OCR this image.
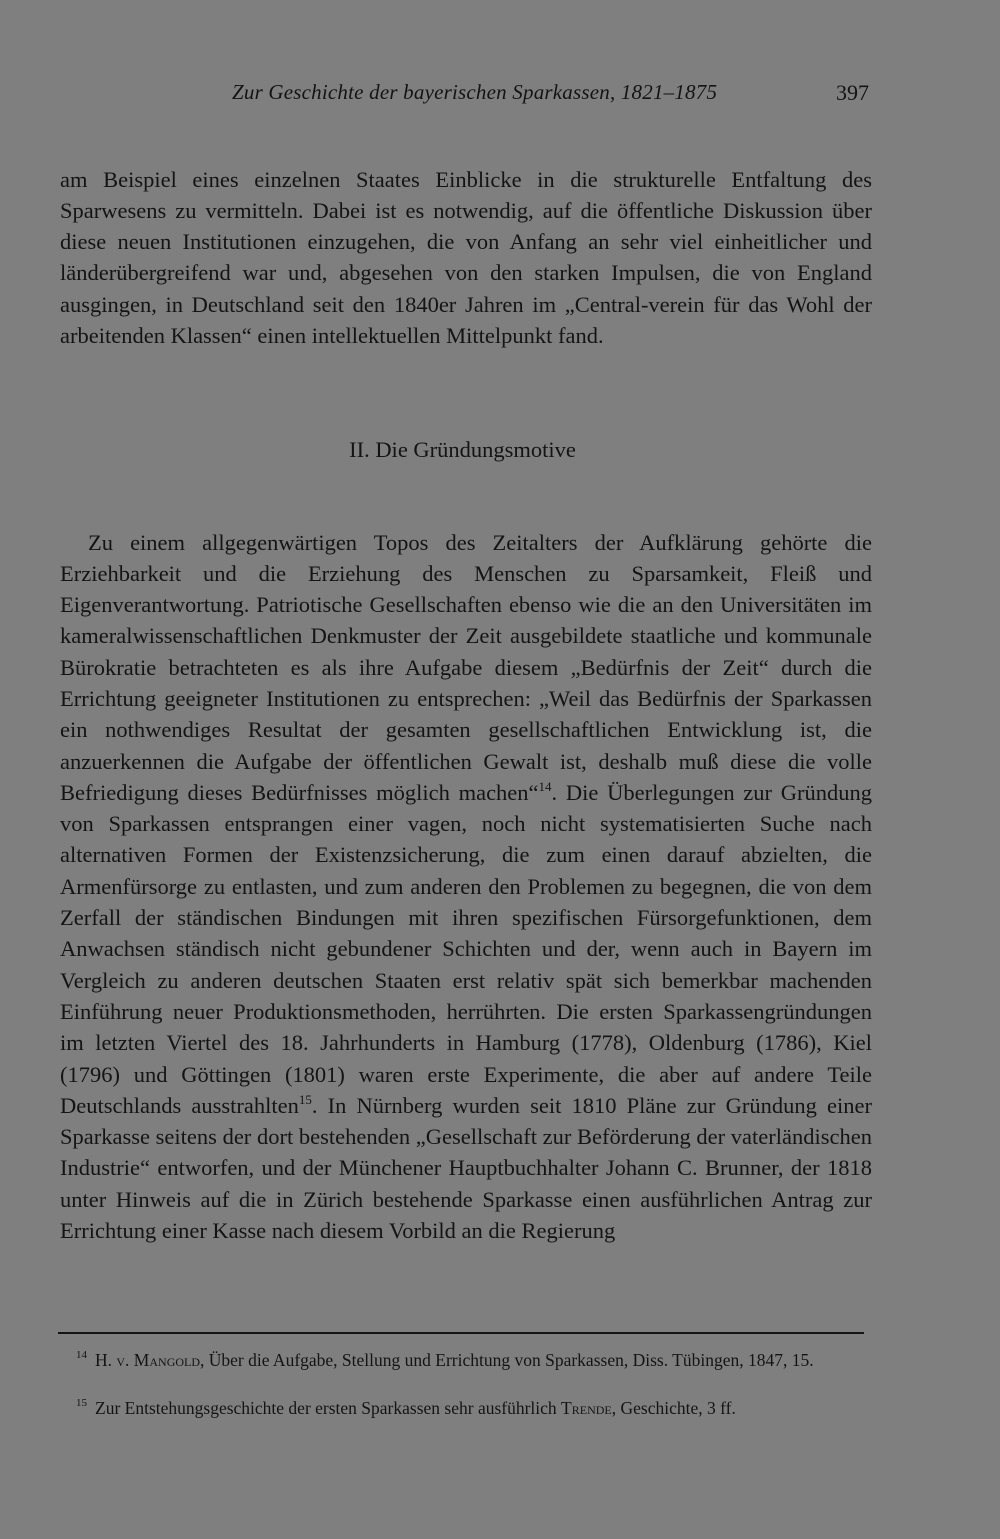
Zur Geschichte der bayerischen Sparkassen, 1821–1875	397

am Beispiel eines einzelnen Staates Einblicke in die strukturelle Entfaltung des Sparwesens zu vermitteln. Dabei ist es notwendig, auf die öffentliche Diskussion über diese neuen Institutionen einzugehen, die von Anfang an sehr viel einheitlicher und länderübergreifend war und, abgesehen von den starken Impulsen, die von England ausgingen, in Deutschland seit den 1840er Jahren im „Central-verein für das Wohl der arbeitenden Klassen“ einen intellektuellen Mittelpunkt fand.

II. Die Gründungsmotive

Zu einem allgegenwärtigen Topos des Zeitalters der Aufklärung gehörte die Erziehbarkeit und die Erziehung des Menschen zu Sparsamkeit, Fleiß und Eigenverantwortung. Patriotische Gesellschaften ebenso wie die an den Universitäten im kameralwissenschaftlichen Denkmuster der Zeit ausgebildete staatliche und kommunale Bürokratie betrachteten es als ihre Aufgabe diesem „Bedürfnis der Zeit“ durch die Errichtung geeigneter Institutionen zu entsprechen: „Weil das Bedürfnis der Sparkassen ein nothwendiges Resultat der gesamten gesellschaftlichen Entwicklung ist, die anzuerkennen die Aufgabe der öffentlichen Gewalt ist, deshalb muß diese die volle Befriedigung dieses Bedürfnisses möglich machen“$^{14}$. Die Überlegungen zur Gründung von Sparkassen entsprangen einer vagen, noch nicht systematisierten Suche nach alternativen Formen der Existenzsicherung, die zum einen darauf abzielten, die Armenfürsorge zu entlasten, und zum anderen den Problemen zu begegnen, die von dem Zerfall der ständischen Bindungen mit ihren spezifischen Fürsorgefunktionen, dem Anwachsen ständisch nicht gebundener Schichten und der, wenn auch in Bayern im Vergleich zu anderen deutschen Staaten erst relativ spät sich bemerkbar machenden Einführung neuer Produktionsmethoden, herrührten. Die ersten Sparkassengründungen im letzten Viertel des 18. Jahrhunderts in Hamburg (1778), Oldenburg (1786), Kiel (1796) und Göttingen (1801) waren erste Experimente, die aber auf andere Teile Deutschlands ausstrahlten$^{15}$. In Nürnberg wurden seit 1810 Pläne zur Gründung einer Sparkasse seitens der dort bestehenden „Gesellschaft zur Beförderung der vaterländischen Industrie“ entworfen, und der Münchener Hauptbuchhalter Johann C. Brunner, der 1818 unter Hinweis auf die in Zürich bestehende Sparkasse einen ausführlichen Antrag zur Errichtung einer Kasse nach diesem Vorbild an die Regierung

$^{14}$ H. v. Mangold, Über die Aufgabe, Stellung und Errichtung von Sparkassen, Diss. Tübingen, 1847, 15.
$^{15}$ Zur Entstehungsgeschichte der ersten Sparkassen sehr ausführlich Trende, Geschichte, 3 ff.
